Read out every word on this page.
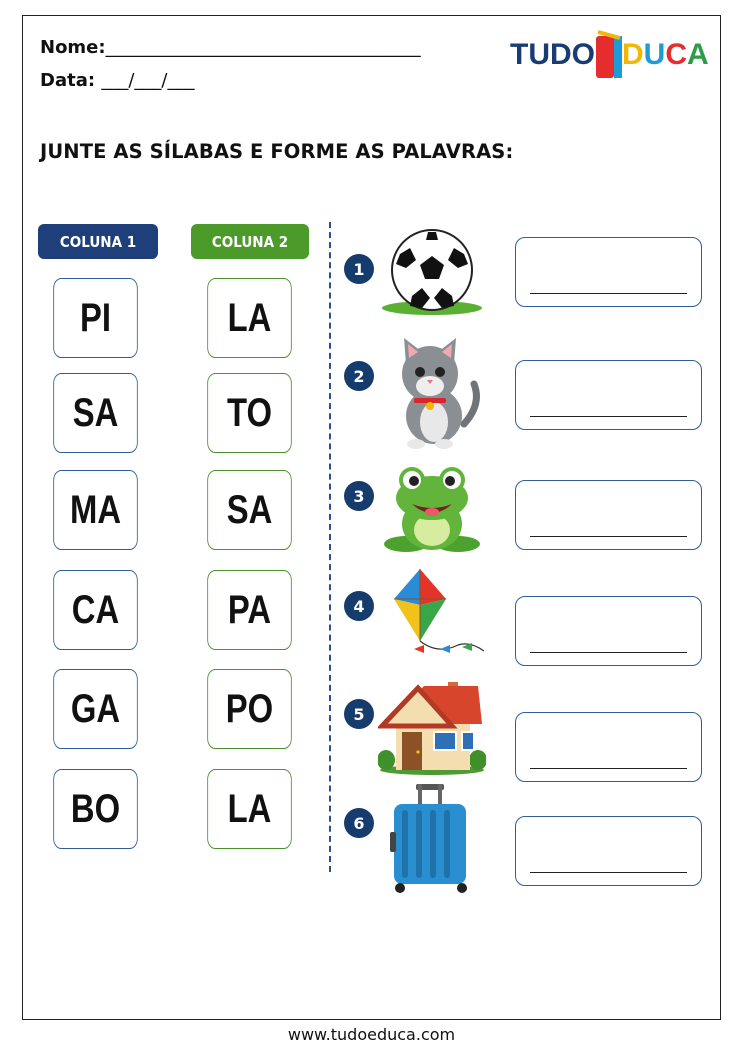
Nome:___________________________________
Data: ___/___/___
TUDO DUCA
JUNTE AS SÍLABAS E FORME AS PALAVRAS:
COLUNA 1	COLUNA 2
PI
SA
MA
CA
GA
BO
LA
TO
SA
PA
PO
LA
1
2
3
4
5
6
www.tudoeduca.com
